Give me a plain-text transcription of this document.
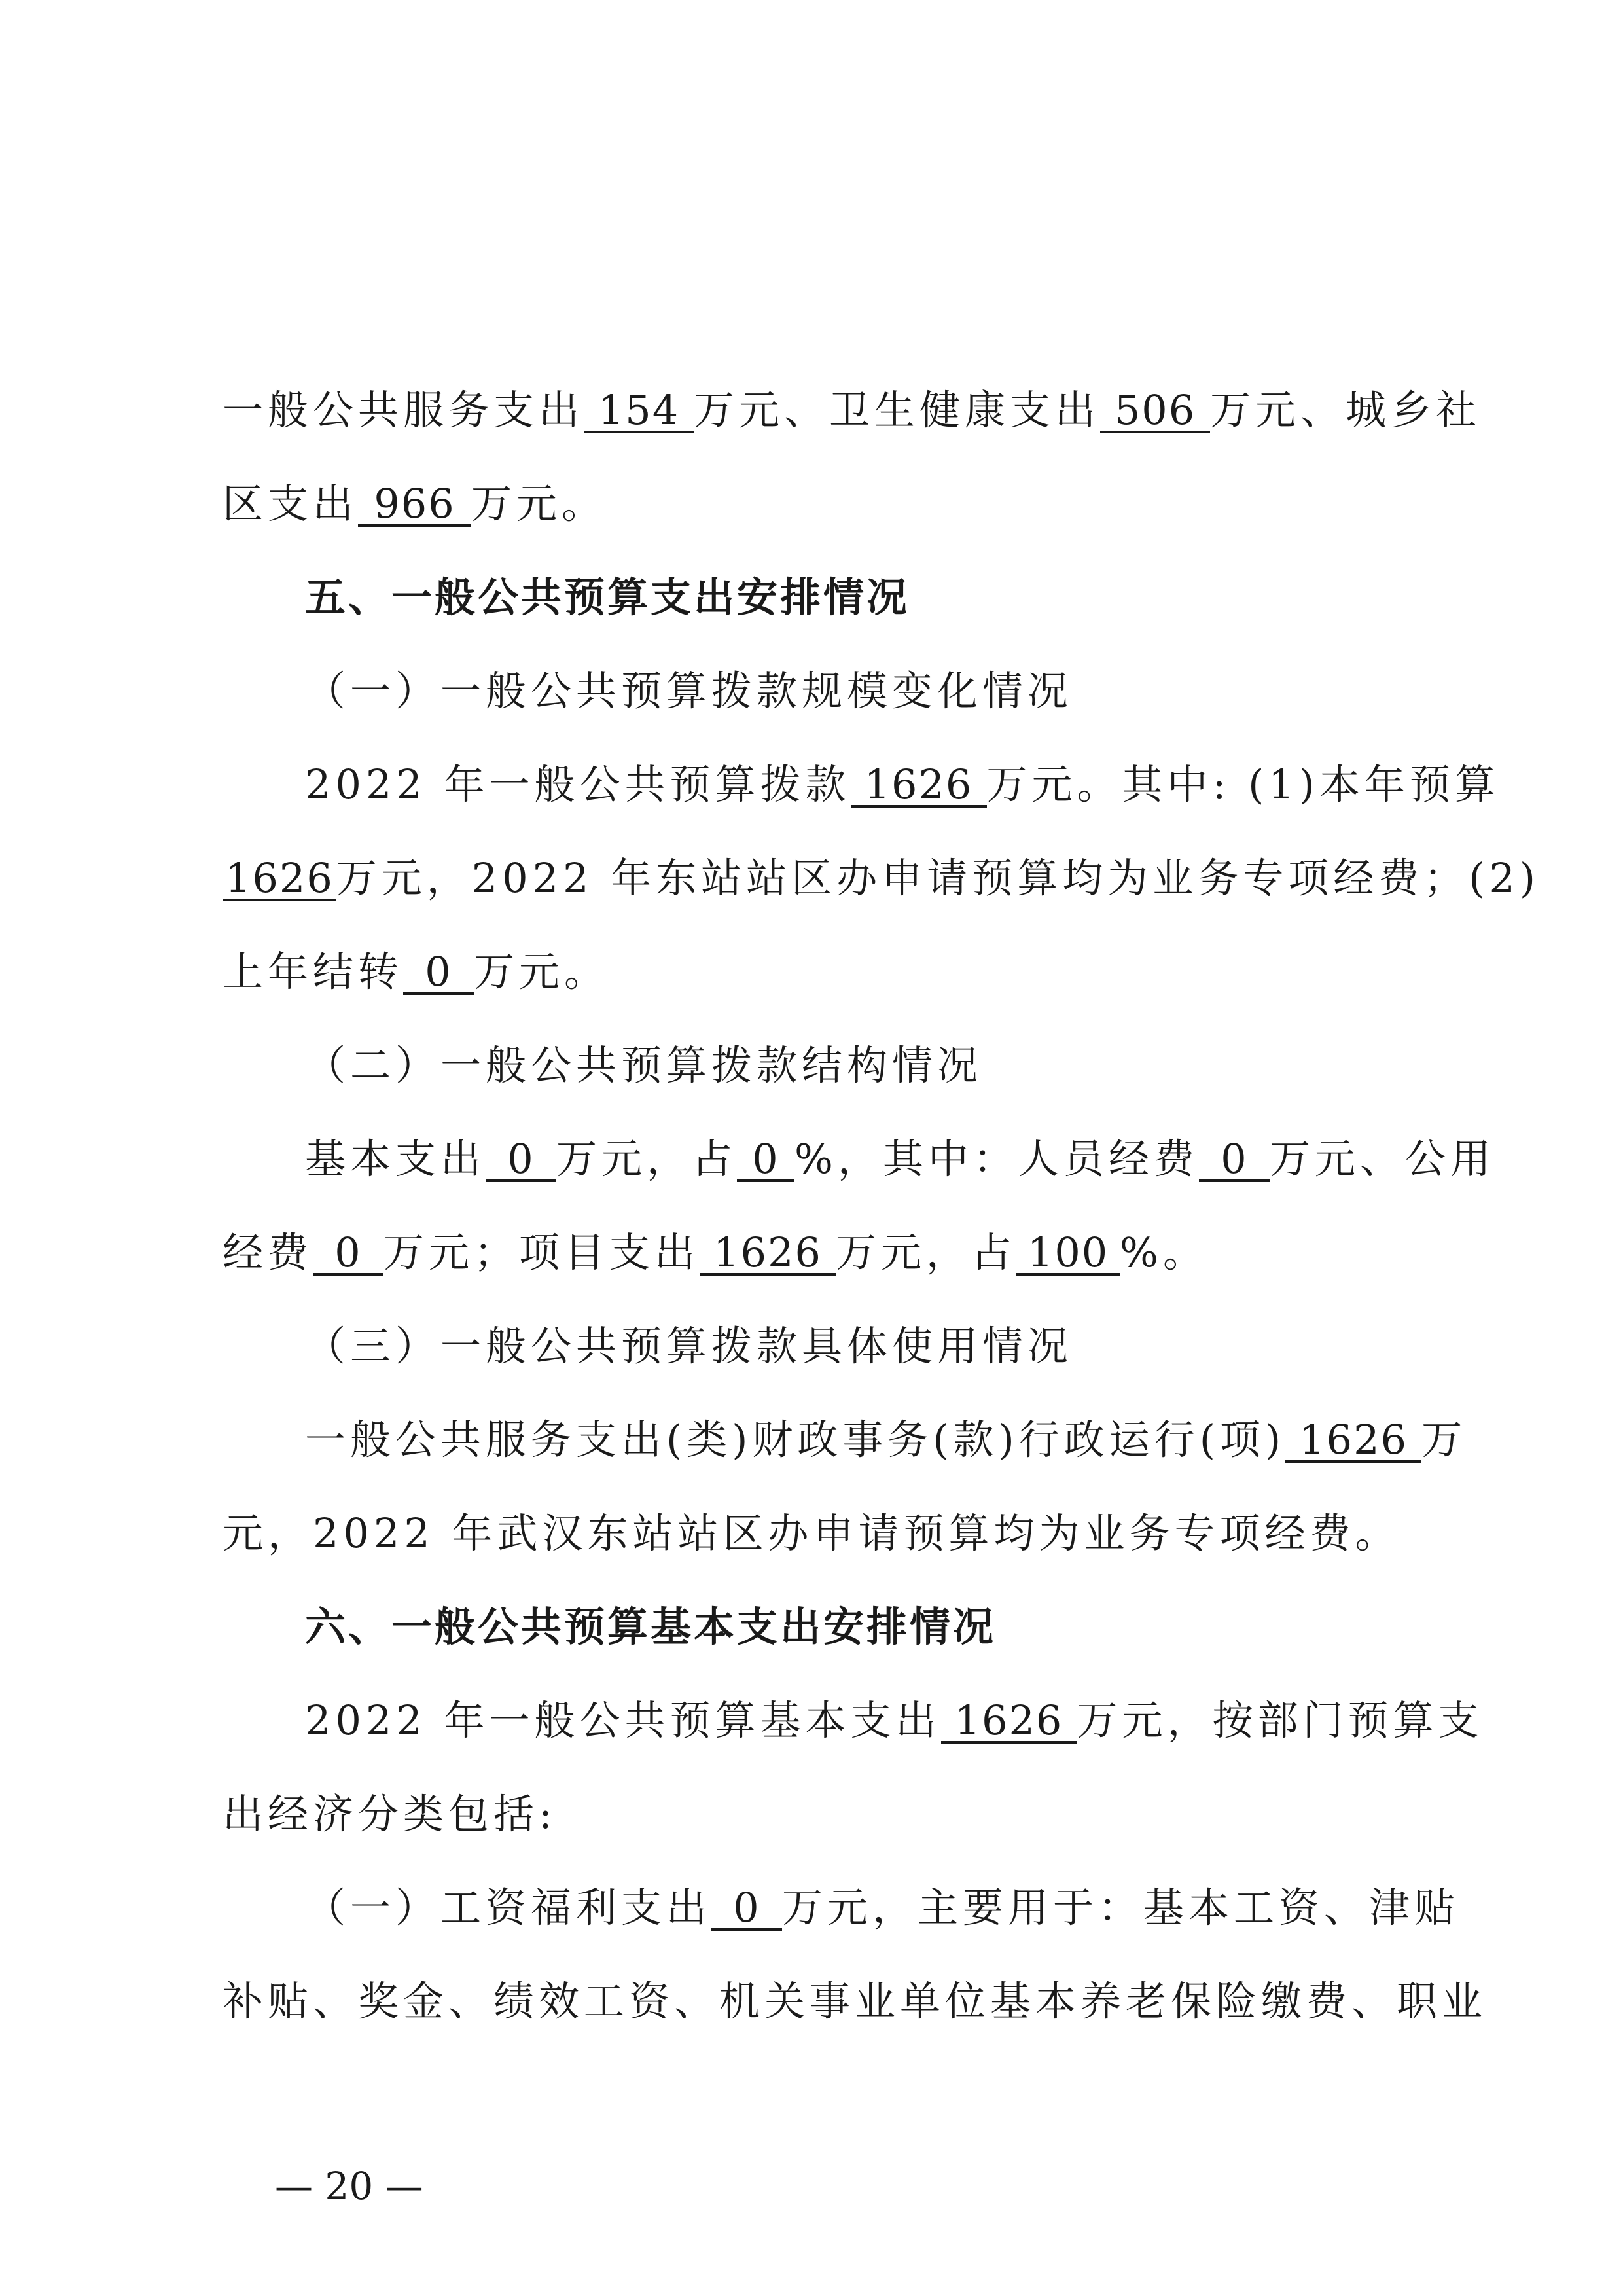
一般公共服务支出 154 万元、卫生健康支出 506 万元、城乡社
区支出 966 万元。
五、一般公共预算支出安排情况
（一）一般公共预算拨款规模变化情况
2022 年一般公共预算拨款 1626 万元。其中: (1)本年预算
1626万元，2022 年东站站区办申请预算均为业务专项经费；(2)
上年结转 0 万元。
（二）一般公共预算拨款结构情况
基本支出 0 万元，占 0 %，其中：人员经费 0 万元、公用
经费 0 万元；项目支出 1626 万元，占 100 %。
（三）一般公共预算拨款具体使用情况
一般公共服务支出(类)财政事务(款)行政运行(项) 1626 万
元，2022 年武汉东站站区办申请预算均为业务专项经费。
六、一般公共预算基本支出安排情况
2022 年一般公共预算基本支出 1626 万元，按部门预算支
出经济分类包括:
（一）工资福利支出 0 万元，主要用于：基本工资、津贴
补贴、奖金、绩效工资、机关事业单位基本养老保险缴费、职业
— 20 —
